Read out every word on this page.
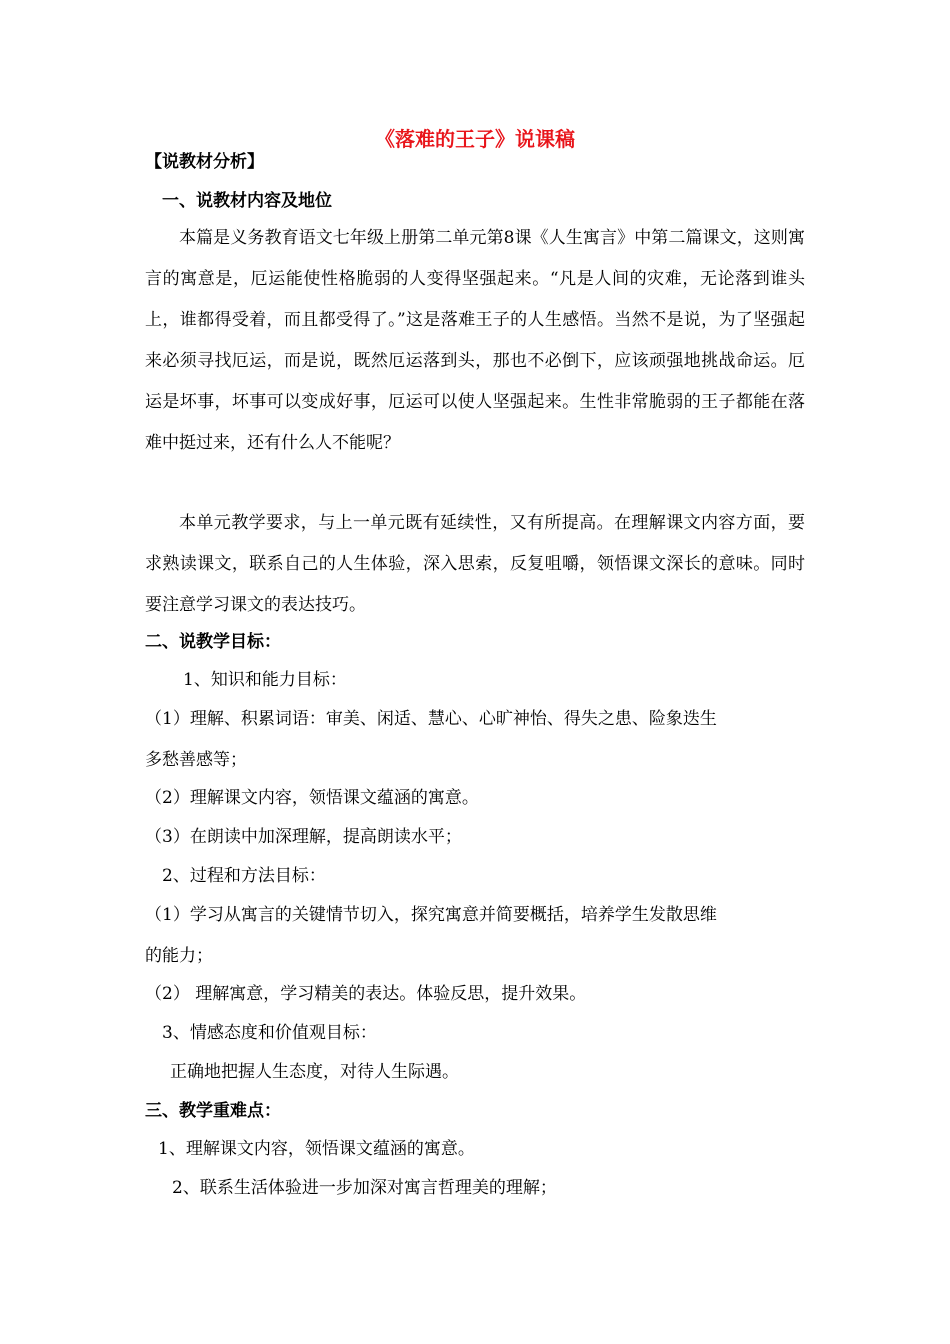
《落难的王子》说课稿
【说教材分析】
一、说教材内容及地位
本篇是义务教育语文七年级上册第二单元第8课《人生寓言》中第二篇课文，这则寓言的寓意是，厄运能使性格脆弱的人变得坚强起来。“凡是人间的灾难，无论落到谁头上，谁都得受着，而且都受得了。”这是落难王子的人生感悟。当然不是说，为了坚强起来必须寻找厄运，而是说，既然厄运落到头，那也不必倒下，应该顽强地挑战命运。厄运是坏事，坏事可以变成好事，厄运可以使人坚强起来。生性非常脆弱的王子都能在落难中挺过来，还有什么人不能呢？
本单元教学要求，与上一单元既有延续性，又有所提高。在理解课文内容方面，要求熟读课文，联系自己的人生体验，深入思索，反复咀嚼，领悟课文深长的意味。同时要注意学习课文的表达技巧。
二、说教学目标：
1、知识和能力目标：
（1）理解、积累词语：审美、闲适、慧心、心旷神怡、得失之患、险象迭生
多愁善感等；
（2）理解课文内容，领悟课文蕴涵的寓意。
（3）在朗读中加深理解，提高朗读水平；
2、过程和方法目标：
（1）学习从寓言的关键情节切入，探究寓意并简要概括，培养学生发散思维
的能力；
（2） 理解寓意，学习精美的表达。体验反思，提升效果。
3、情感态度和价值观目标：
正确地把握人生态度，对待人生际遇。
三、教学重难点：
1、理解课文内容，领悟课文蕴涵的寓意。
2、联系生活体验进一步加深对寓言哲理美的理解；
